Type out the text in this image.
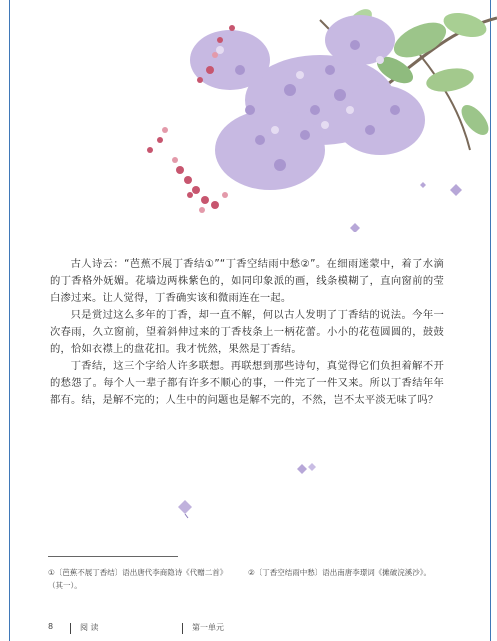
古人诗云：“芭蕉不展丁香结①”“丁香空结雨中愁②”。在细雨迷蒙中，着了水滴的丁香格外妩媚。花墙边两株紫色的，如同印象派的画，线条模糊了，直向窗前的莹白渗过来。让人觉得，丁香确实该和微雨连在一起。

只是赏过这么多年的丁香，却一直不解，何以古人发明了丁香结的说法。今年一次春雨，久立窗前，望着斜伸过来的丁香枝条上一柄花蕾。小小的花苞圆圆的，鼓鼓的，恰如衣襟上的盘花扣。我才恍然，果然是丁香结。

丁香结，这三个字给人许多联想。再联想到那些诗句，真觉得它们负担着解不开的愁怨了。每个人一辈子都有许多不顺心的事，一件完了一件又来。所以丁香结年年都有。结，是解不完的；人生中的问题也是解不完的，不然，岂不太平淡无味了吗？

①〔芭蕉不展丁香结〕语出唐代李商隐诗《代赠二首》（其一）。
②〔丁香空结雨中愁〕语出南唐李璟词《摊破浣溪沙》。
8	阅 读	第一单元
